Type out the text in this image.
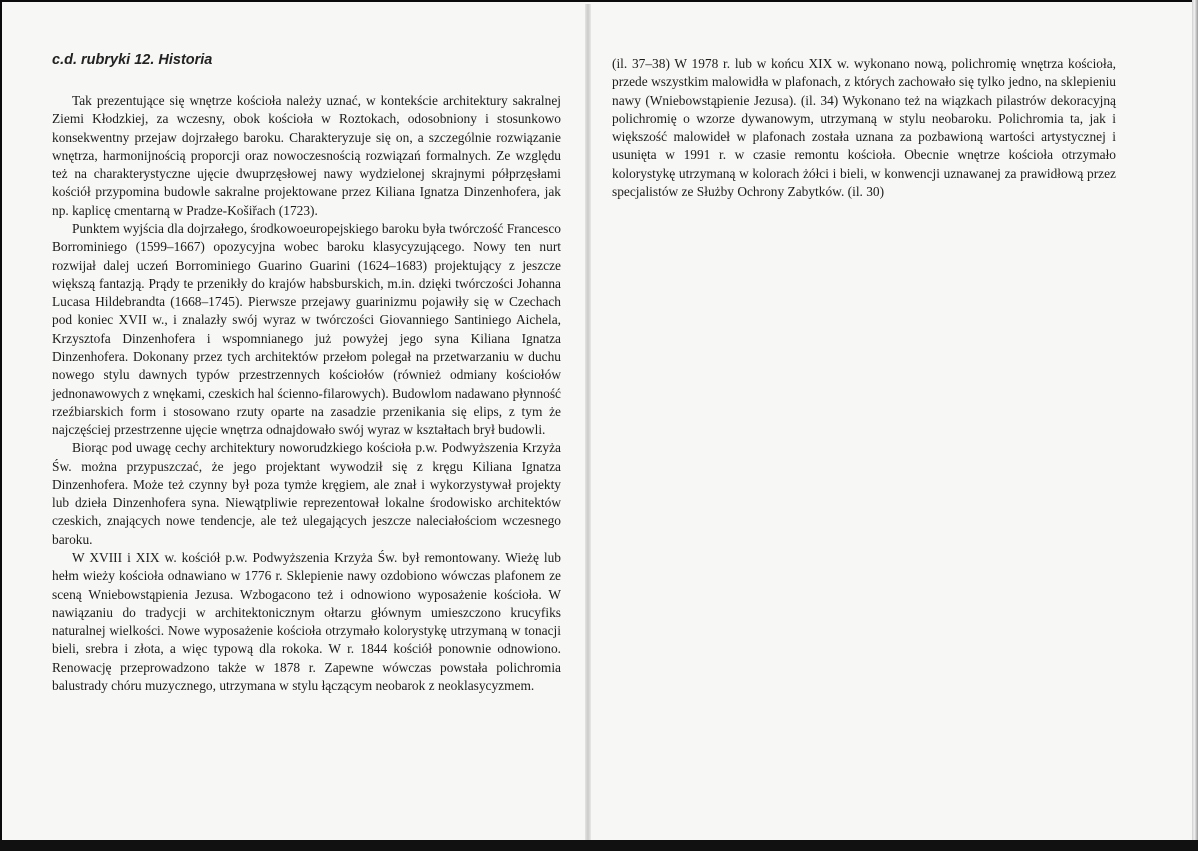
c.d. rubryki 12. Historia

Tak prezentujące się wnętrze kościoła należy uznać, w kontekście architektury sakralnej Ziemi Kłodzkiej, za wczesny, obok kościoła w Roztokach, odosobniony i stosunkowo konsekwentny przejaw dojrzałego baroku. Charakteryzuje się on, a szczególnie rozwiązanie wnętrza, harmonijnością proporcji oraz nowoczesnością rozwiązań formalnych. Ze względu też na charakterystyczne ujęcie dwuprzęsłowej nawy wydzielonej skrajnymi półprzęsłami kościół przypomina budowle sakralne projektowane przez Kiliana Ignatza Dinzenhofera, jak np. kaplicę cmentarną w Pradze-Košiřach (1723).

Punktem wyjścia dla dojrzałego, środkowoeuropejskiego baroku była twórczość Francesco Borrominiego (1599–1667) opozycyjna wobec baroku klasycyzującego. Nowy ten nurt rozwijał dalej uczeń Borrominiego Guarino Guarini (1624–1683) projektujący z jeszcze większą fantazją. Prądy te przenikły do krajów habsburskich, m.in. dzięki twórczości Johanna Lucasa Hildebrandta (1668–1745). Pierwsze przejawy guarinizmu pojawiły się w Czechach pod koniec XVII w., i znalazły swój wyraz w twórczości Giovanniego Santiniego Aichela, Krzysztofa Dinzenhofera i wspomnianego już powyżej jego syna Kiliana Ignatza Dinzenhofera. Dokonany przez tych architektów przełom polegał na przetwarzaniu w duchu nowego stylu dawnych typów przestrzennych kościołów (również odmiany kościołów jednonawowych z wnękami, czeskich hal ścienno-filarowych). Budowlom nadawano płynność rzeźbiarskich form i stosowano rzuty oparte na zasadzie przenikania się elips, z tym że najczęściej przestrzenne ujęcie wnętrza odnajdowało swój wyraz w kształtach brył budowli.

Biorąc pod uwagę cechy architektury noworudzkiego kościoła p.w. Podwyższenia Krzyża Św. można przypuszczać, że jego projektant wywodził się z kręgu Kiliana Ignatza Dinzenhofera. Może też czynny był poza tymże kręgiem, ale znał i wykorzystywał projekty lub dzieła Dinzenhofera syna. Niewątpliwie reprezentował lokalne środowisko architektów czeskich, znających nowe tendencje, ale też ulegających jeszcze naleciałościom wczesnego baroku.

W XVIII i XIX w. kościół p.w. Podwyższenia Krzyża Św. był remontowany. Wieżę lub hełm wieży kościoła odnawiano w 1776 r. Sklepienie nawy ozdobiono wówczas plafonem ze sceną Wniebowstąpienia Jezusa. Wzbogacono też i odnowiono wyposażenie kościoła. W nawiązaniu do tradycji w architektonicznym ołtarzu głównym umieszczono krucyfiks naturalnej wielkości. Nowe wyposażenie kościoła otrzymało kolorystykę utrzymaną w tonacji bieli, srebra i złota, a więc typową dla rokoka. W r. 1844 kościół ponownie odnowiono. Renowację przeprowadzono także w 1878 r. Zapewne wówczas powstała polichromia balustrady chóru muzycznego, utrzymana w stylu łączącym neobarok z neoklasycyzmem.

(il. 37–38) W 1978 r. lub w końcu XIX w. wykonano nową, polichromię wnętrza kościoła, przede wszystkim malowidła w plafonach, z których zachowało się tylko jedno, na sklepieniu nawy (Wniebowstąpienie Jezusa). (il. 34) Wykonano też na wiązkach pilastrów dekoracyjną polichromię o wzorze dywanowym, utrzymaną w stylu neobaroku. Polichromia ta, jak i większość malowideł w plafonach została uznana za pozbawioną wartości artystycznej i usunięta w 1991 r. w czasie remontu kościoła. Obecnie wnętrze kościoła otrzymało kolorystykę utrzymaną w kolorach żółci i bieli, w konwencji uznawanej za prawidłową przez specjalistów ze Służby Ochrony Zabytków. (il. 30)
